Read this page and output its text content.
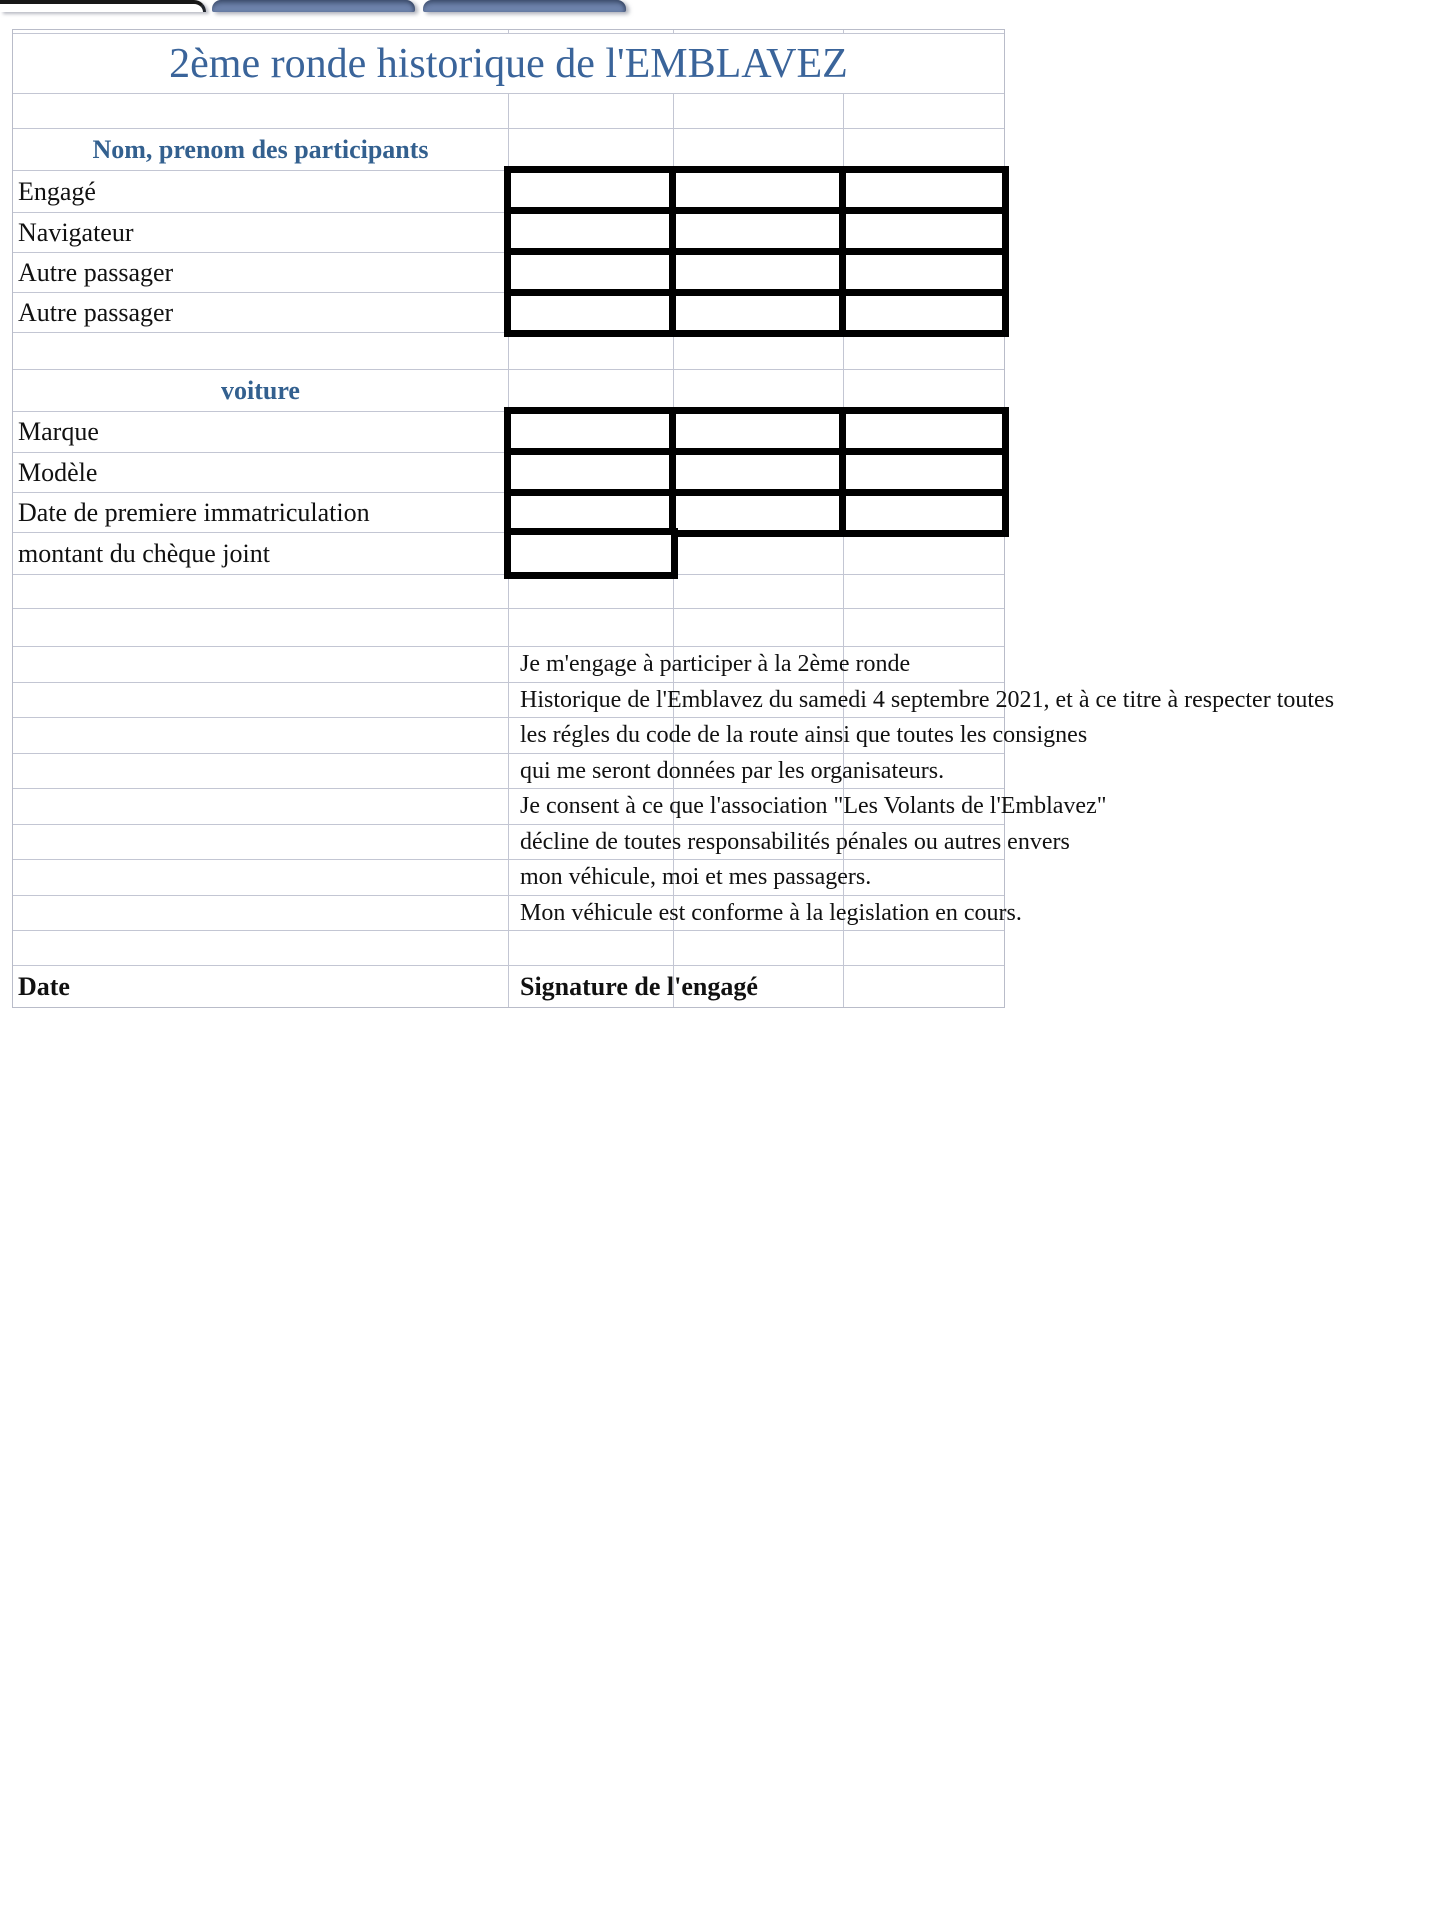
2ème ronde historique de l'EMBLAVEZ
Nom, prenom des participants
Engagé
Navigateur
Autre passager
Autre passager
voiture
Marque
Modèle
Date de premiere immatriculation
montant du chèque joint
Je m'engage à participer à la 2ème ronde
Historique de l'Emblavez du samedi 4 septembre 2021, et à ce titre à respecter toutes
les régles du code de la route ainsi que toutes les consignes
qui me seront données par les organisateurs.
Je consent à ce que l'association "Les Volants de l'Emblavez"
décline de toutes responsabilités pénales ou autres envers
mon véhicule, moi et mes passagers.
Mon véhicule est conforme à la legislation en cours.
Date	Signature de l'engagé
